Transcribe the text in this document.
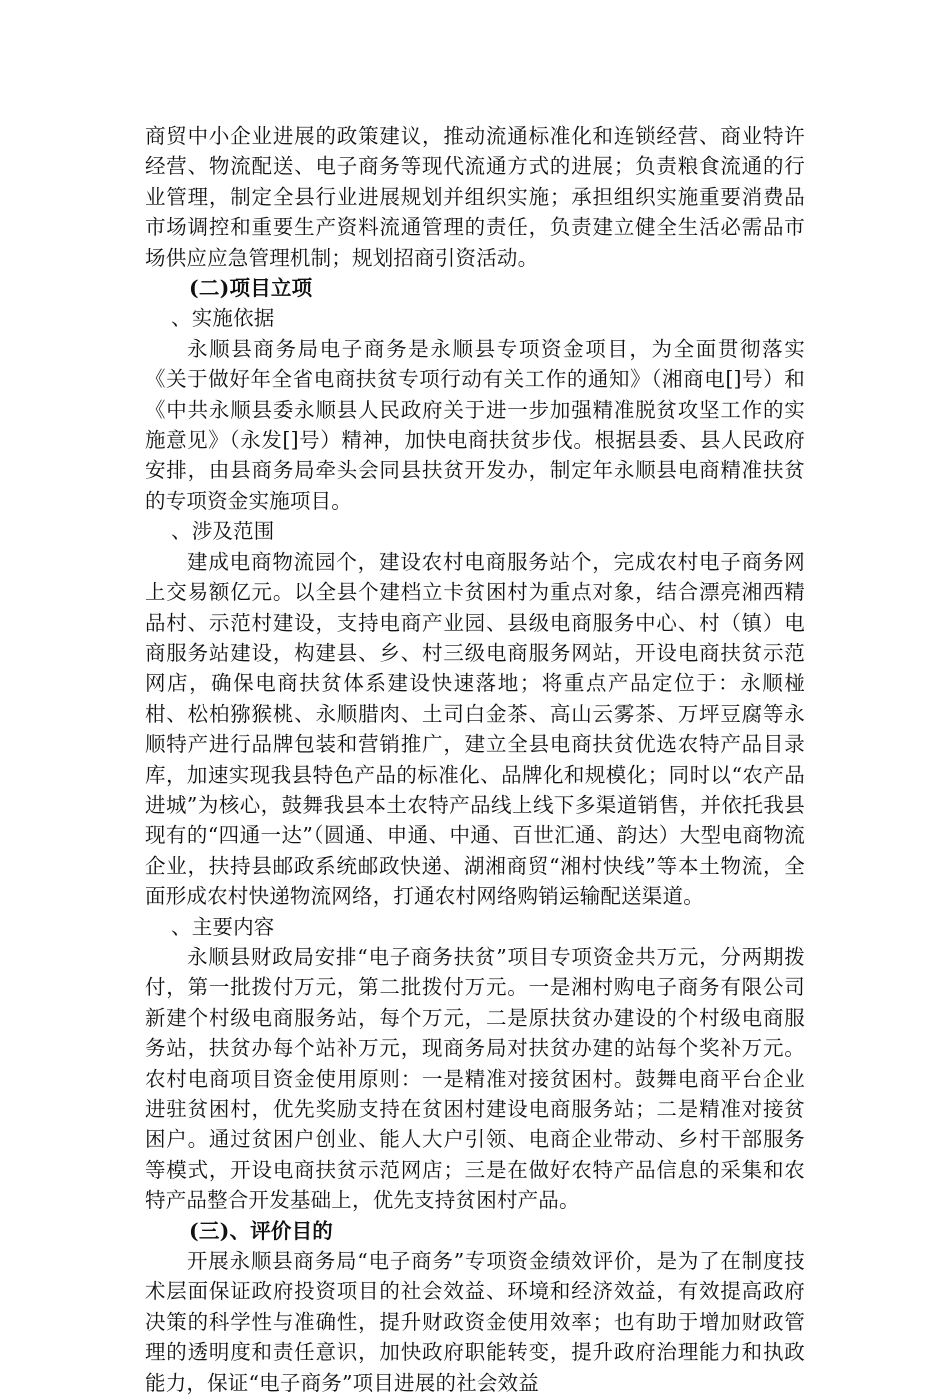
商贸中小企业进展的政策建议，推动流通标准化和连锁经营、商业特许经营、物流配送、电子商务等现代流通方式的进展；负责粮食流通的行业管理，制定全县行业进展规划并组织实施；承担组织实施重要消费品市场调控和重要生产资料流通管理的责任，负责建立健全生活必需品市场供应应急管理机制；规划招商引资活动。

(二)项目立项

、实施依据

永顺县商务局电子商务是永顺县专项资金项目，为全面贯彻落实《关于做好年全省电商扶贫专项行动有关工作的通知》（湘商电[]号）和《中共永顺县委永顺县人民政府关于进一步加强精准脱贫攻坚工作的实施意见》（永发[]号）精神，加快电商扶贫步伐。根据县委、县人民政府安排，由县商务局牵头会同县扶贫开发办，制定年永顺县电商精准扶贫的专项资金实施项目。

、涉及范围

建成电商物流园个，建设农村电商服务站个，完成农村电子商务网上交易额亿元。以全县个建档立卡贫困村为重点对象，结合漂亮湘西精品村、示范村建设，支持电商产业园、县级电商服务中心、村（镇）电商服务站建设，构建县、乡、村三级电商服务网站，开设电商扶贫示范网店，确保电商扶贫体系建设快速落地；将重点产品定位于：永顺椪柑、松柏猕猴桃、永顺腊肉、土司白金茶、高山云雾茶、万坪豆腐等永顺特产进行品牌包装和营销推广，建立全县电商扶贫优选农特产品目录库，加速实现我县特色产品的标准化、品牌化和规模化；同时以“农产品进城”为核心，鼓舞我县本土农特产品线上线下多渠道销售，并依托我县现有的“四通一达”（圆通、申通、中通、百世汇通、韵达）大型电商物流企业，扶持县邮政系统邮政快递、湖湘商贸“湘村快线”等本土物流，全面形成农村快递物流网络，打通农村网络购销运输配送渠道。

、主要内容

永顺县财政局安排“电子商务扶贫”项目专项资金共万元，分两期拨付，第一批拨付万元，第二批拨付万元。一是湘村购电子商务有限公司新建个村级电商服务站，每个万元，二是原扶贫办建设的个村级电商服务站，扶贫办每个站补万元，现商务局对扶贫办建的站每个奖补万元。农村电商项目资金使用原则：一是精准对接贫困村。鼓舞电商平台企业进驻贫困村，优先奖励支持在贫困村建设电商服务站；二是精准对接贫困户。通过贫困户创业、能人大户引领、电商企业带动、乡村干部服务等模式，开设电商扶贫示范网店；三是在做好农特产品信息的采集和农特产品整合开发基础上，优先支持贫困村产品。

(三)、评价目的

开展永顺县商务局“电子商务”专项资金绩效评价，是为了在制度技术层面保证政府投资项目的社会效益、环境和经济效益，有效提高政府决策的科学性与准确性，提升财政资金使用效率；也有助于增加财政管理的透明度和责任意识，加快政府职能转变，提升政府治理能力和执政能力，保证“电子商务”项目进展的社会效益
